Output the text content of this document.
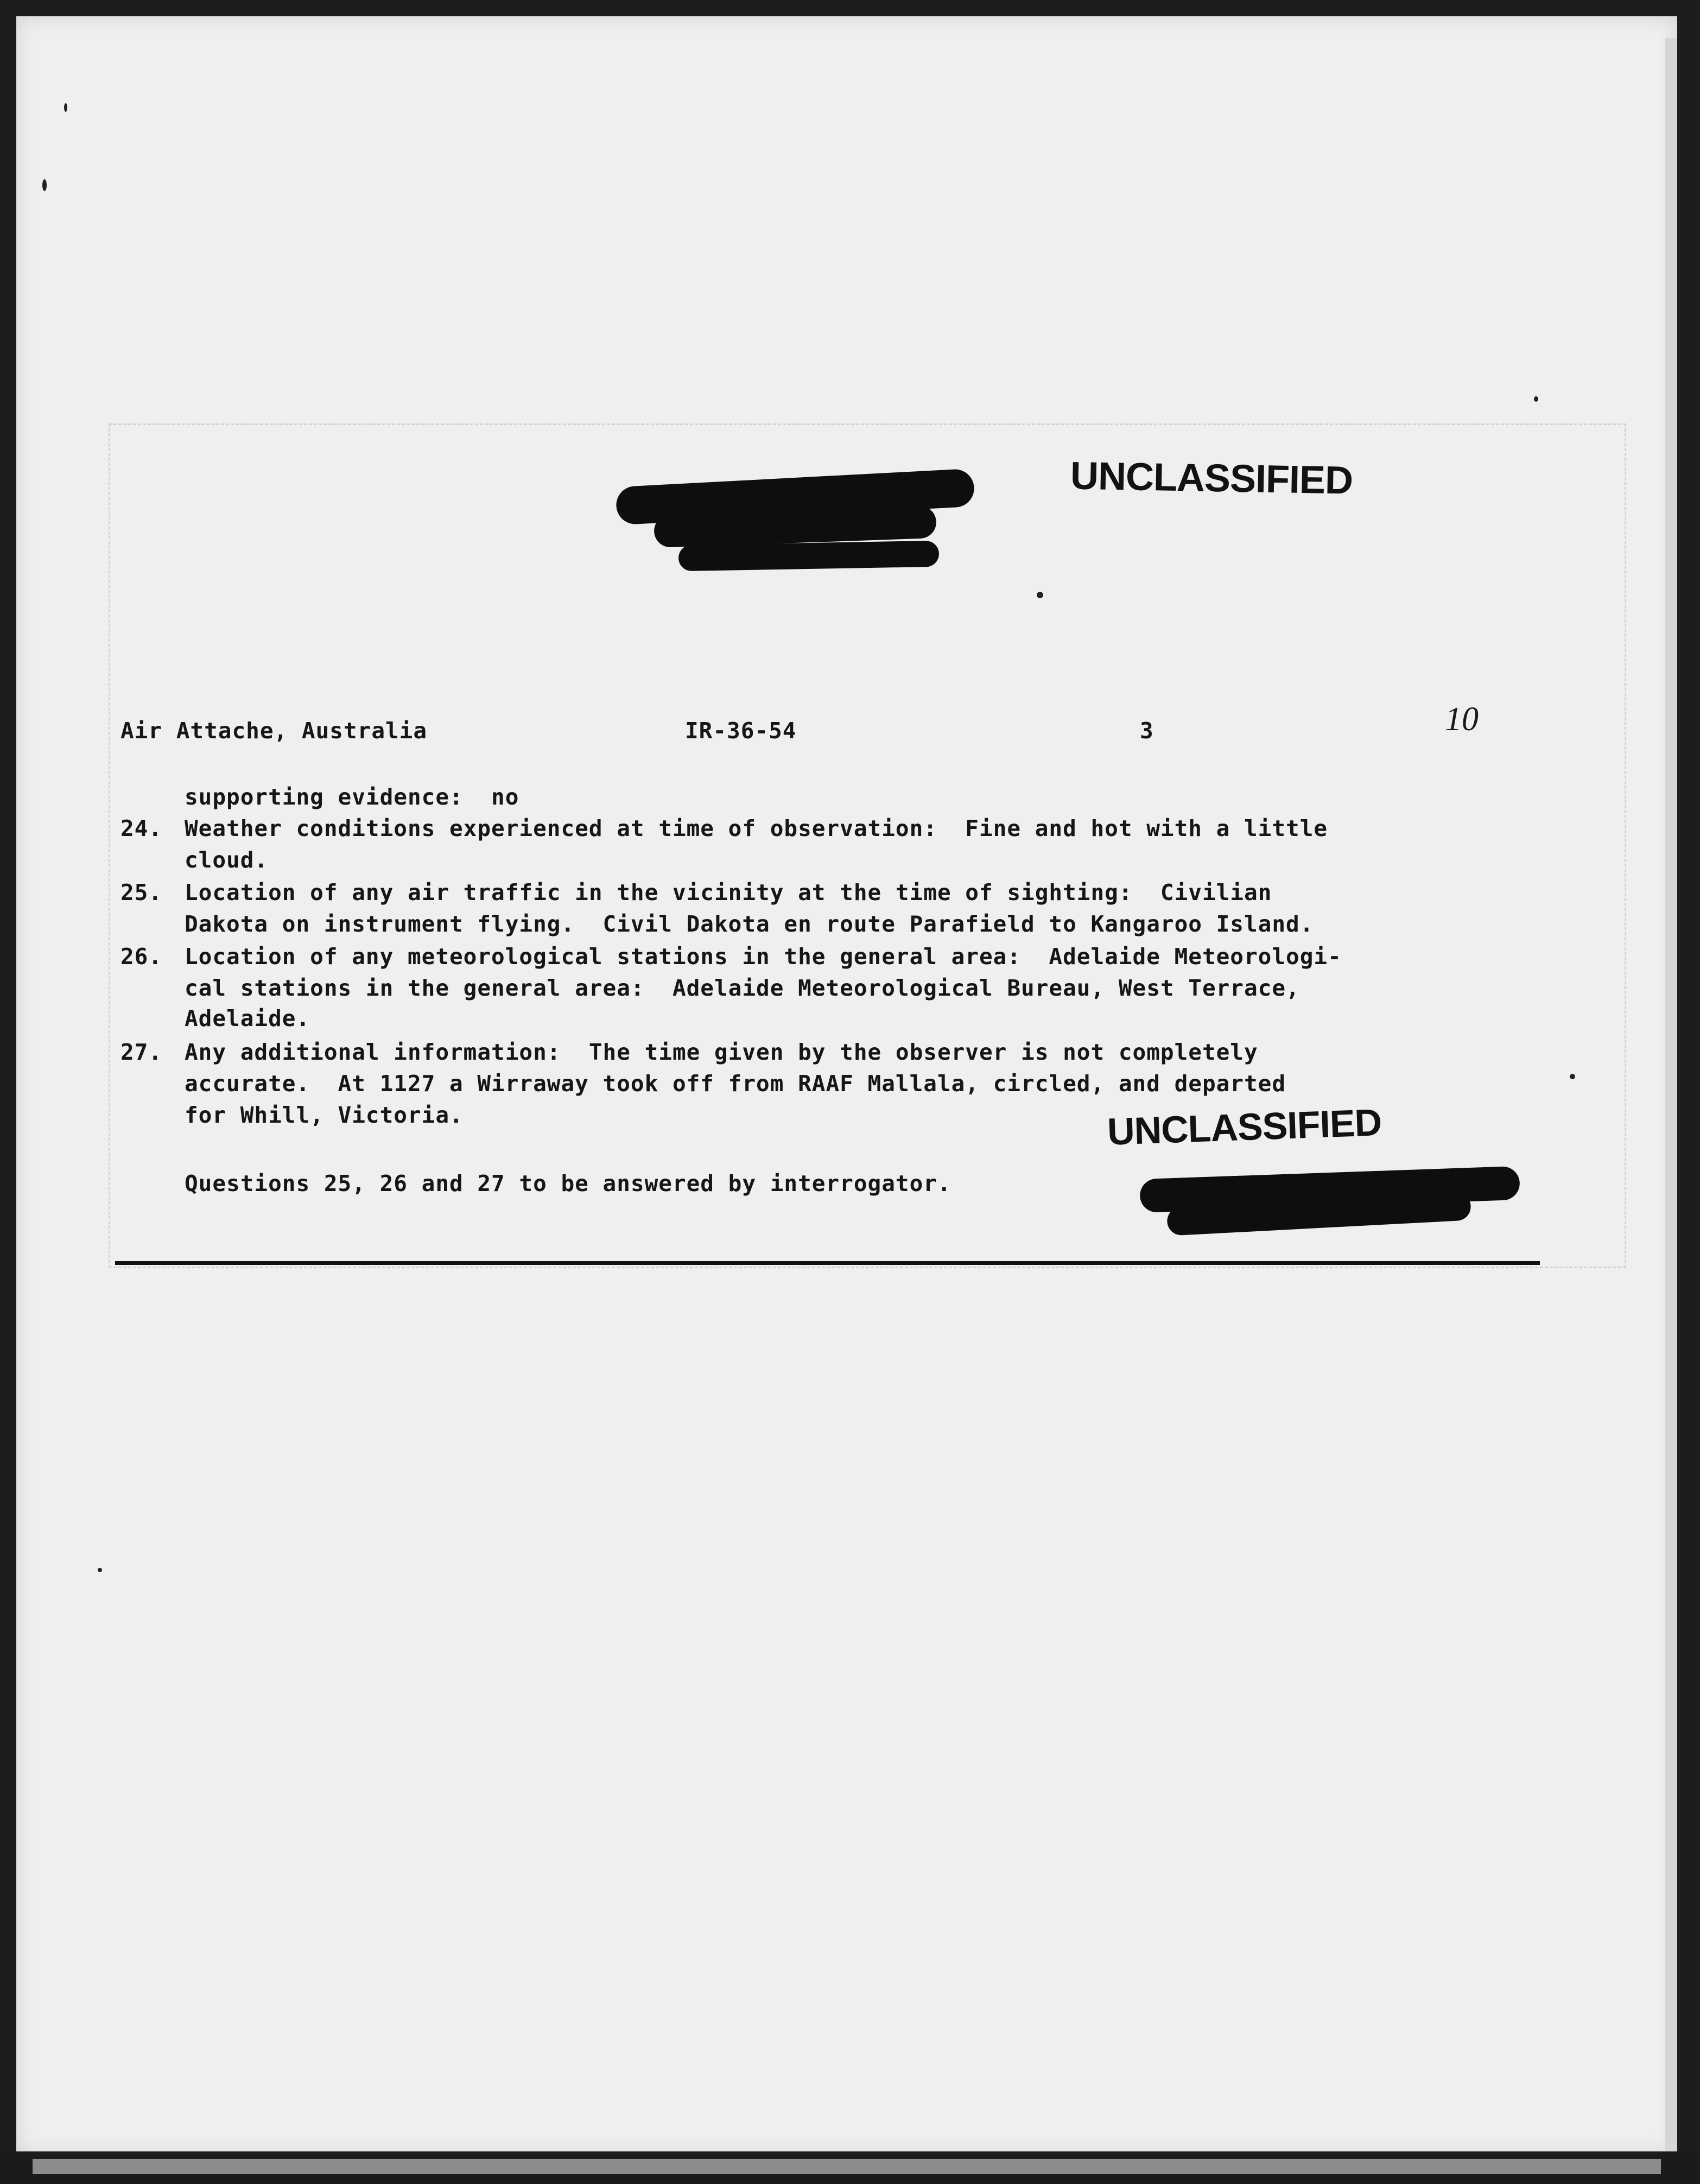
UNCLASSIFIED
Air Attache, Australia	IR-36-54	3	10
supporting evidence:  no
24. Weather conditions experienced at time of observation:  Fine and hot with a little
cloud.
25. Location of any air traffic in the vicinity at the time of sighting:  Civilian
Dakota on instrument flying.  Civil Dakota en route Parafield to Kangaroo Island.
26. Location of any meteorological stations in the general area:  Adelaide Meteorologi-
cal stations in the general area:  Adelaide Meteorological Bureau, West Terrace,
Adelaide.
27. Any additional information:  The time given by the observer is not completely
accurate.  At 1127 a Wirraway took off from RAAF Mallala, circled, and departed
for Whill, Victoria.	UNCLASSIFIED
Questions 25, 26 and 27 to be answered by interrogator.
